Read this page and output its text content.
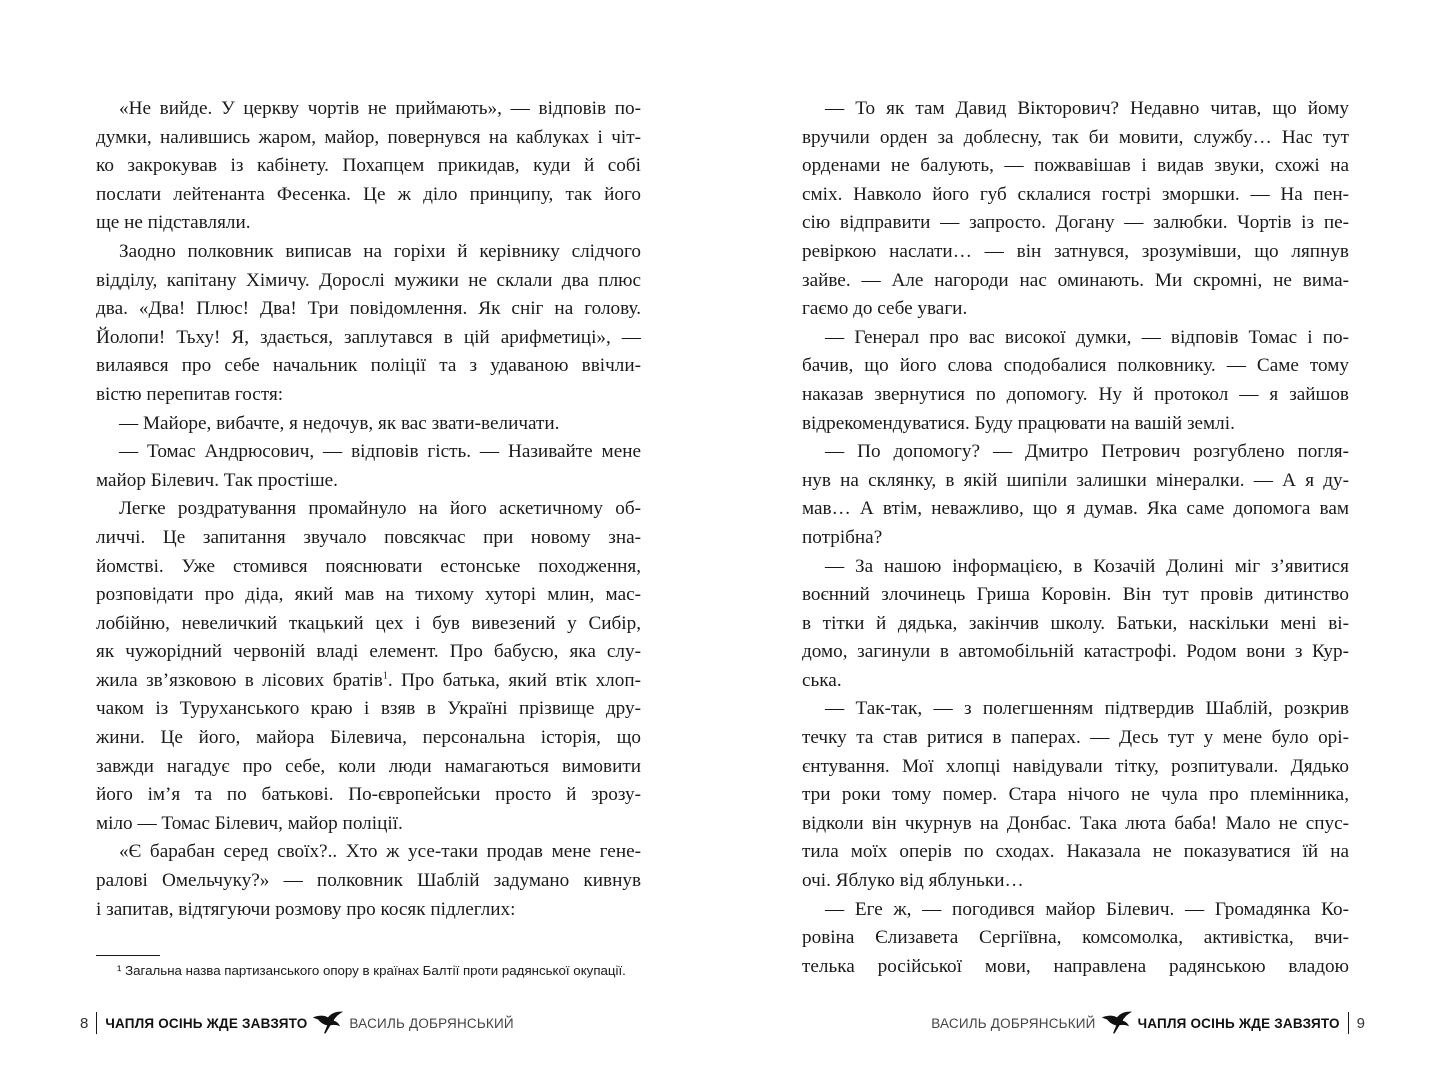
«Не вийде. У церкву чортів не приймають», — відповів по-
думки, налившись жаром, майор, повернувся на каблуках і чіт-
ко закрокував із кабінету. Похапцем прикидав, куди й собі
послати лейтенанта Фесенка. Це ж діло принципу, так його
ще не підставляли.
Заодно полковник виписав на горіхи й керівнику слідчого
відділу, капітану Хімичу. Дорослі мужики не склали два плюс
два. «Два! Плюс! Два! Три повідомлення. Як сніг на голову.
Йолопи! Тьху! Я, здається, заплутався в цій арифметиці», —
вилаявся про себе начальник поліції та з удаваною ввічли-
вістю перепитав гостя:
— Майоре, вибачте, я недочув, як вас звати-величати.
— Томас Андрюсович, — відповів гість. — Називайте мене
майор Білевич. Так простіше.
Легке роздратування промайнуло на його аскетичному об-
личчі. Це запитання звучало повсякчас при новому зна-
йомстві. Уже стомився пояснювати естонське походження,
розповідати про діда, який мав на тихому хуторі млин, мас-
лобійню, невеличкий ткацький цех і був вивезений у Сибір,
як чужорідний червоній владі елемент. Про бабусю, яка слу-
жила зв’язковою в лісових братів$^1$. Про батька, який втік хлоп-
чаком із Туруханського краю і взяв в Україні прізвище дру-
жини. Це його, майора Білевича, персональна історія, що
завжди нагадує про себе, коли люди намагаються вимовити
його ім’я та по батькові. По-європейськи просто й зрозу-
міло — Томас Білевич, майор поліції.
«Є барабан серед своїх?.. Хто ж усе-таки продав мене гене-
ралові Омельчуку?» — полковник Шаблій задумано кивнув
і запитав, відтягуючи розмову про косяк підлеглих:
— То як там Давид Вікторович? Недавно читав, що йому
вручили орден за доблесну, так би мовити, службу… Нас тут
орденами не балують, — пожвавішав і видав звуки, схожі на
сміх. Навколо його губ склалися гострі зморшки. — На пен-
сію відправити — запросто. Догану — залюбки. Чортів із пе-
ревіркою наслати… — він затнувся, зрозумівши, що ляпнув
зайве. — Але нагороди нас оминають. Ми скромні, не вима-
гаємо до себе уваги.
— Генерал про вас високої думки, — відповів Томас і по-
бачив, що його слова сподобалися полковнику. — Саме тому
наказав звернутися по допомогу. Ну й протокол — я зайшов
відрекомендуватися. Буду працювати на вашій землі.
— По допомогу? — Дмитро Петрович розгублено погля-
нув на склянку, в якій шипіли залишки мінералки. — А я ду-
мав… А втім, неважливо, що я думав. Яка саме допомога вам
потрібна?
— За нашою інформацією, в Козачій Долині міг з’явитися
воєнний злочинець Гриша Коровін. Він тут провів дитинство
в тітки й дядька, закінчив школу. Батьки, наскільки мені ві-
домо, загинули в автомобільній катастрофі. Родом вони з Кур-
ська.
— Так-так, — з полегшенням підтвердив Шаблій, розкрив
течку та став ритися в паперах. — Десь тут у мене було орі-
єнтування. Мої хлопці навідували тітку, розпитували. Дядько
три роки тому помер. Стара нічого не чула про племінника,
відколи він чкурнув на Донбас. Така люта баба! Мало не спус-
тила моїх оперів по сходах. Наказала не показуватися їй на
очі. Яблуко від яблуньки…
— Еге ж, — погодився майор Білевич. — Громадянка Ко-
ровіна Єлизавета Сергіївна, комсомолка, активістка, вчи-
телька російської мови, направлена радянською владою
¹ Загальна назва партизанського опору в країнах Балтії проти радянської окупації.
8 ЧАПЛЯ ОСІНЬ ЖДЕ ЗАВЗЯТО	ВАСИЛЬ ДОБРЯНСЬКИЙ	ВАСИЛЬ ДОБРЯНСЬКИЙ	ЧАПЛЯ ОСІНЬ ЖДЕ ЗАВЗЯТО 9
